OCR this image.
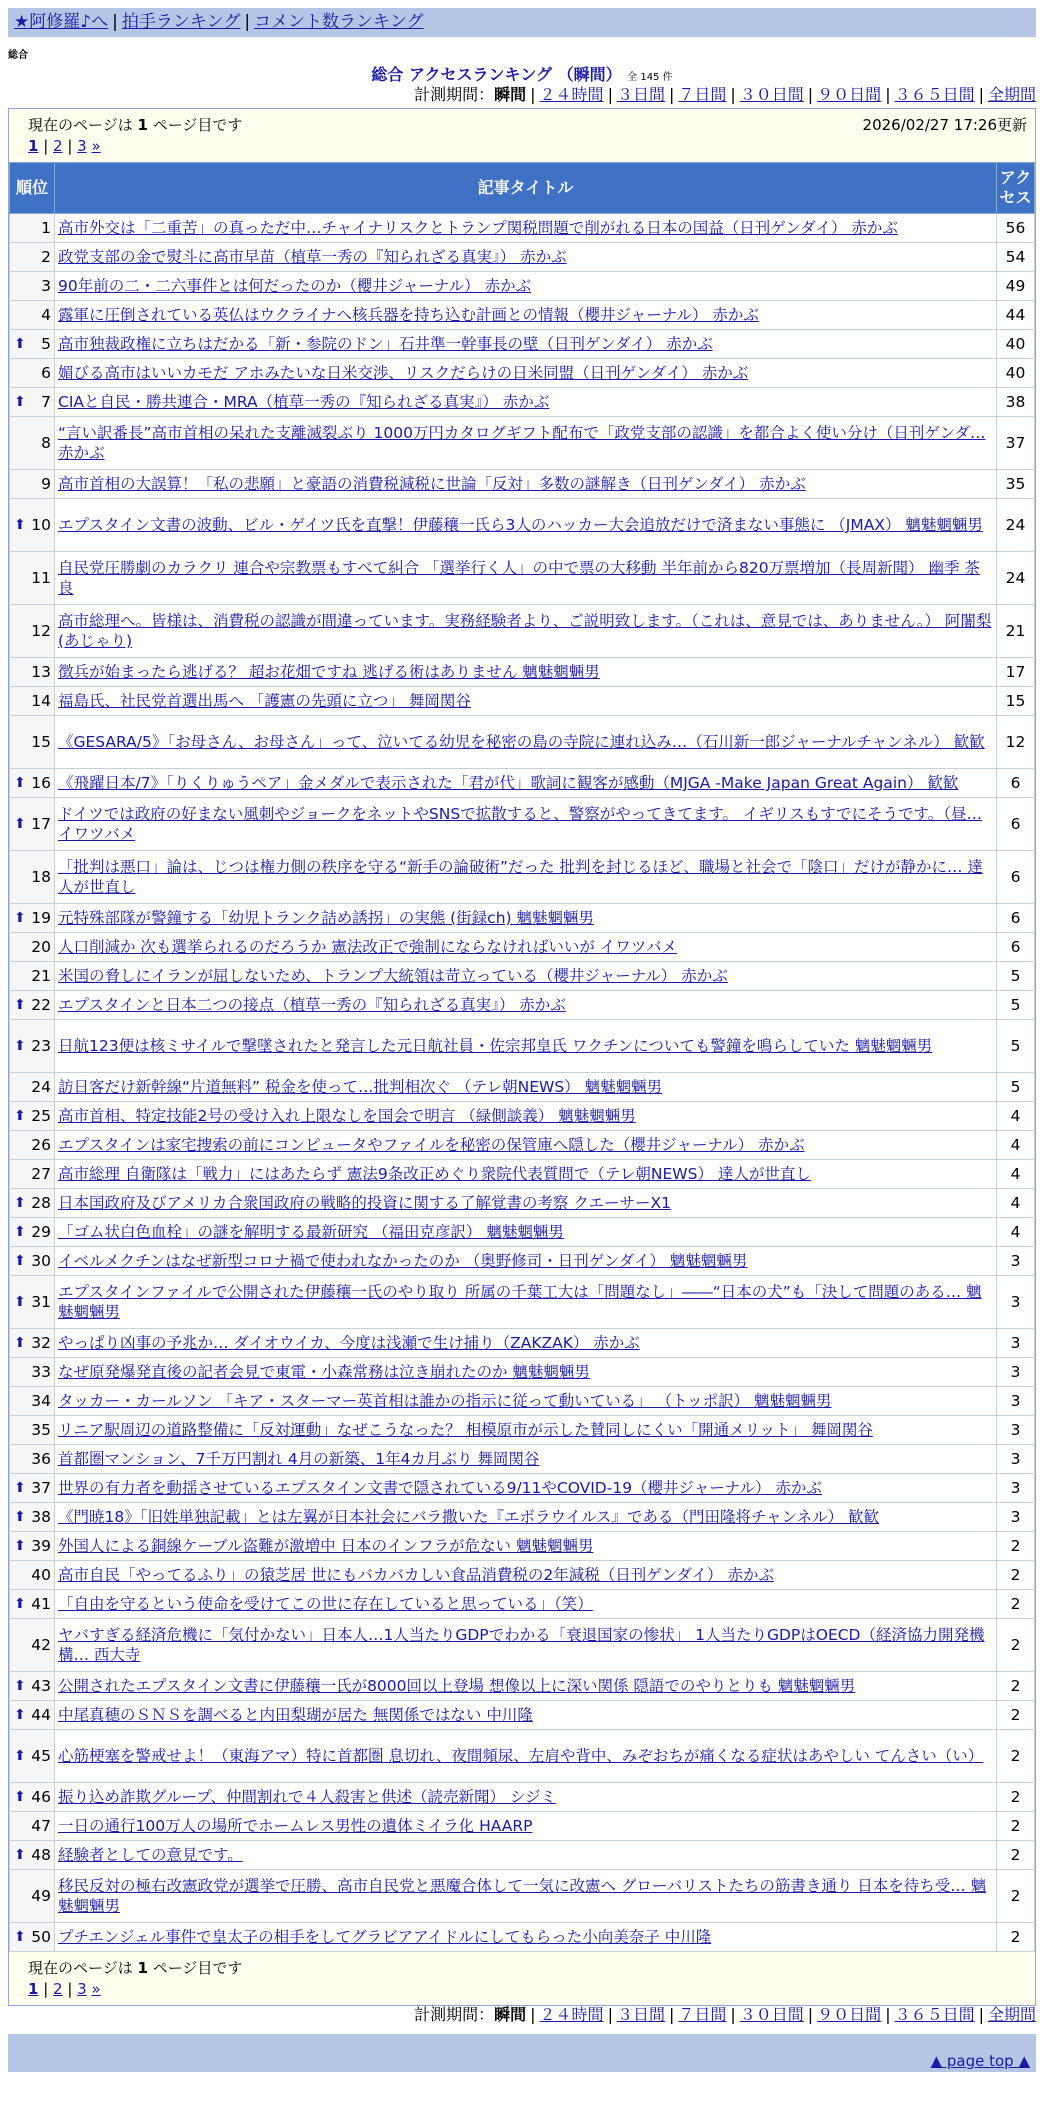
★阿修羅♪へ | 拍手ランキング | コメント数ランキング
総合
総合 アクセスランキング （瞬間） 全 145 件
計測期間：瞬間 | ２４時間 | ３日間 | ７日間 | ３０日間 | ９０日間 | ３６５日間 | 全期間
現在のページは 1 ページ目です	2026/02/27 17:26更新
1 | 2 | 3 »
順位	記事タイトル	アクセス
1	高市外交は「二重苦」の真っただ中…チャイナリスクとトランプ関税問題で削がれる日本の国益（日刊ゲンダイ） 赤かぶ	56
2	政党支部の金で熨斗に高市早苗（植草一秀の『知られざる真実』） 赤かぶ	54
3	90年前の二・二六事件とは何だったのか（櫻井ジャーナル） 赤かぶ	49
4	露軍に圧倒されている英仏はウクライナへ核兵器を持ち込む計画との情報（櫻井ジャーナル） 赤かぶ	44

⬆ 5	高市独裁政権に立ちはだかる「新・参院のドン」石井準一幹事長の壁（日刊ゲンダイ） 赤かぶ	40
6	媚びる高市はいいカモだ アホみたいな日米交渉、リスクだらけの日米同盟（日刊ゲンダイ） 赤かぶ	40

⬆ 7	CIAと自民・勝共連合・MRA（植草一秀の『知られざる真実』） 赤かぶ	38
8	“言い訳番長”高市首相の呆れた支離滅裂ぶり 1000万円カタログギフト配布で「政党支部の認識」を都合よく使い分け（日刊ゲンダ… 赤かぶ	37
9	高市首相の大誤算！「私の悲願」と豪語の消費税減税に世論「反対」多数の謎解き（日刊ゲンダイ） 赤かぶ	35

⬆ 10	エプスタイン文書の波動、ビル・ゲイツ氏を直撃！伊藤穰一氏ら3人のハッカー大会追放だけで済まない事態に （JMAX） 魑魅魍魎男	24
11	自民党圧勝劇のカラクリ 連合や宗教票もすべて糾合 「選挙行く人」の中で票の大移動 半年前から820万票増加（長周新聞） 幽季 茶良	24
12	高市総理へ。皆様は、消費税の認識が間違っています。実務経験者より、ご説明致します。（これは、意見では、ありません。） 阿闍梨(あじゃり)	21
13	徴兵が始まったら逃げる？ 超お花畑ですね 逃げる術はありません 魑魅魍魎男	17
14	福島氏、社民党首選出馬へ 「護憲の先頭に立つ」 舞岡関谷	15
15	《GESARA/5》「お母さん、お母さん」って、泣いてる幼児を秘密の島の寺院に連れ込み…（石川新一郎ジャーナルチャンネル） 歓歓	12

⬆ 16	《飛躍日本/7》「りくりゅうペア」金メダルで表示された「君が代」歌詞に観客が感動（MJGA -Make Japan Great Again） 歓歓	6

⬆ 17	ドイツでは政府の好まない風刺やジョークをネットやSNSで拡散すると、警察がやってきてます。 イギリスもすでにそうです。（昼… イワツバメ	6
18	「批判は悪口」論は、じつは権力側の秩序を守る“新手の論破術”だった 批判を封じるほど、職場と社会で「陰口」だけが静かに… 達人が世直し	6

⬆ 19	元特殊部隊が警鐘する「幼児トランク詰め誘拐」の実態 (街録ch) 魑魅魍魎男	6
20	人口削減か 次も選挙られるのだろうか 憲法改正で強制にならなければいいが イワツバメ	6
21	米国の脅しにイランが屈しないため、トランプ大統領は苛立っている（櫻井ジャーナル） 赤かぶ	5

⬆ 22	エプスタインと日本二つの接点（植草一秀の『知られざる真実』） 赤かぶ	5

⬆ 23	日航123便は核ミサイルで撃墜されたと発言した元日航社員・佐宗邦皇氏 ワクチンについても警鐘を鳴らしていた 魑魅魍魎男	5
24	訪日客だけ新幹線“片道無料” 税金を使って…批判相次ぐ （テレ朝NEWS） 魑魅魍魎男	5

⬆ 25	高市首相、特定技能2号の受け入れ上限なしを国会で明言 （緑側談義） 魑魅魍魎男	4
26	エプスタインは家宅捜索の前にコンピュータやファイルを秘密の保管庫へ隠した（櫻井ジャーナル） 赤かぶ	4
27	高市総理 自衛隊は「戦力」にはあたらず 憲法9条改正めぐり衆院代表質問で（テレ朝NEWS） 達人が世直し	4

⬆ 28	日本国政府及びアメリカ合衆国政府の戦略的投資に関する了解覚書の考察 クエーサーX1	4

⬆ 29	「ゴム状白色血栓」の謎を解明する最新研究 （福田克彦訳） 魑魅魍魎男	4

⬆ 30	イベルメクチンはなぜ新型コロナ禍で使われなかったのか （奥野修司・日刊ゲンダイ） 魑魅魍魎男	3

⬆ 31	エプスタインファイルで公開された伊藤穰一氏のやり取り 所属の千葉工大は「問題なし」――“日本の犬”も「決して問題のある… 魑魅魍魎男	3

⬆ 32	やっぱり凶事の予兆か… ダイオウイカ、今度は浅瀬で生け捕り（ZAKZAK） 赤かぶ	3
33	なぜ原発爆発直後の記者会見で東電・小森常務は泣き崩れたのか 魑魅魍魎男	3
34	タッカー・カールソン 「キア・スターマー英首相は誰かの指示に従って動いている」 （トッポ訳） 魑魅魍魎男	3
35	リニア駅周辺の道路整備に「反対運動」なぜこうなった？ 相模原市が示した賛同しにくい「開通メリット」 舞岡関谷	3
36	首都圏マンション、7千万円割れ 4月の新築、1年4カ月ぶり 舞岡関谷	3

⬆ 37	世界の有力者を動揺させているエプスタイン文書で隠されている9/11やCOVID-19（櫻井ジャーナル） 赤かぶ	3

⬆ 38	《門暁18》「旧姓単独記載」とは左翼が日本社会にバラ撒いた『エボラウイルス』である（門田隆将チャンネル） 歓歓	3

⬆ 39	外国人による銅線ケーブル盗難が激増中 日本のインフラが危ない 魑魅魍魎男	2
40	高市自民「やってるふり」の猿芝居 世にもバカバカしい食品消費税の2年減税（日刊ゲンダイ） 赤かぶ	2

⬆ 41	「自由を守るという使命を受けてこの世に存在していると思っている」（笑）	2
42	ヤバすぎる経済危機に「気付かない」日本人…1人当たりGDPでわかる「衰退国家の惨状」 1人当たりGDPはOECD（経済協力開発機構… 西大寺	2

⬆ 43	公開されたエプスタイン文書に伊藤穰一氏が8000回以上登場 想像以上に深い関係 隠語でのやりとりも 魑魅魍魎男	2

⬆ 44	中尾真穂のＳＮＳを調べると内田梨瑚が居た 無関係ではない 中川隆	2

⬆ 45	心筋梗塞を警戒せよ！（東海アマ）特に首都圏 息切れ、夜間頻尿、左肩や背中、みぞおちが痛くなる症状はあやしい てんさい（い）	2

⬆ 46	振り込め詐欺グループ、仲間割れで４人殺害と供述（読売新聞） シジミ	2
47	一日の通行100万人の場所でホームレス男性の遺体ミイラ化 HAARP	2

⬆ 48	経験者としての意見です。	2
49	移民反対の極右改憲政党が選挙で圧勝、高市自民党と悪魔合体して一気に改憲へ グローバリストたちの筋書き通り 日本を待ち受… 魑魅魍魎男	2

⬆ 50	プチエンジェル事件で皇太子の相手をしてグラビアアイドルにしてもらった小向美奈子 中川隆	2
現在のページは 1 ページ目です
1 | 2 | 3 »
計測期間：瞬間 | ２４時間 | ３日間 | ７日間 | ３０日間 | ９０日間 | ３６５日間 | 全期間
▲ page top ▲
